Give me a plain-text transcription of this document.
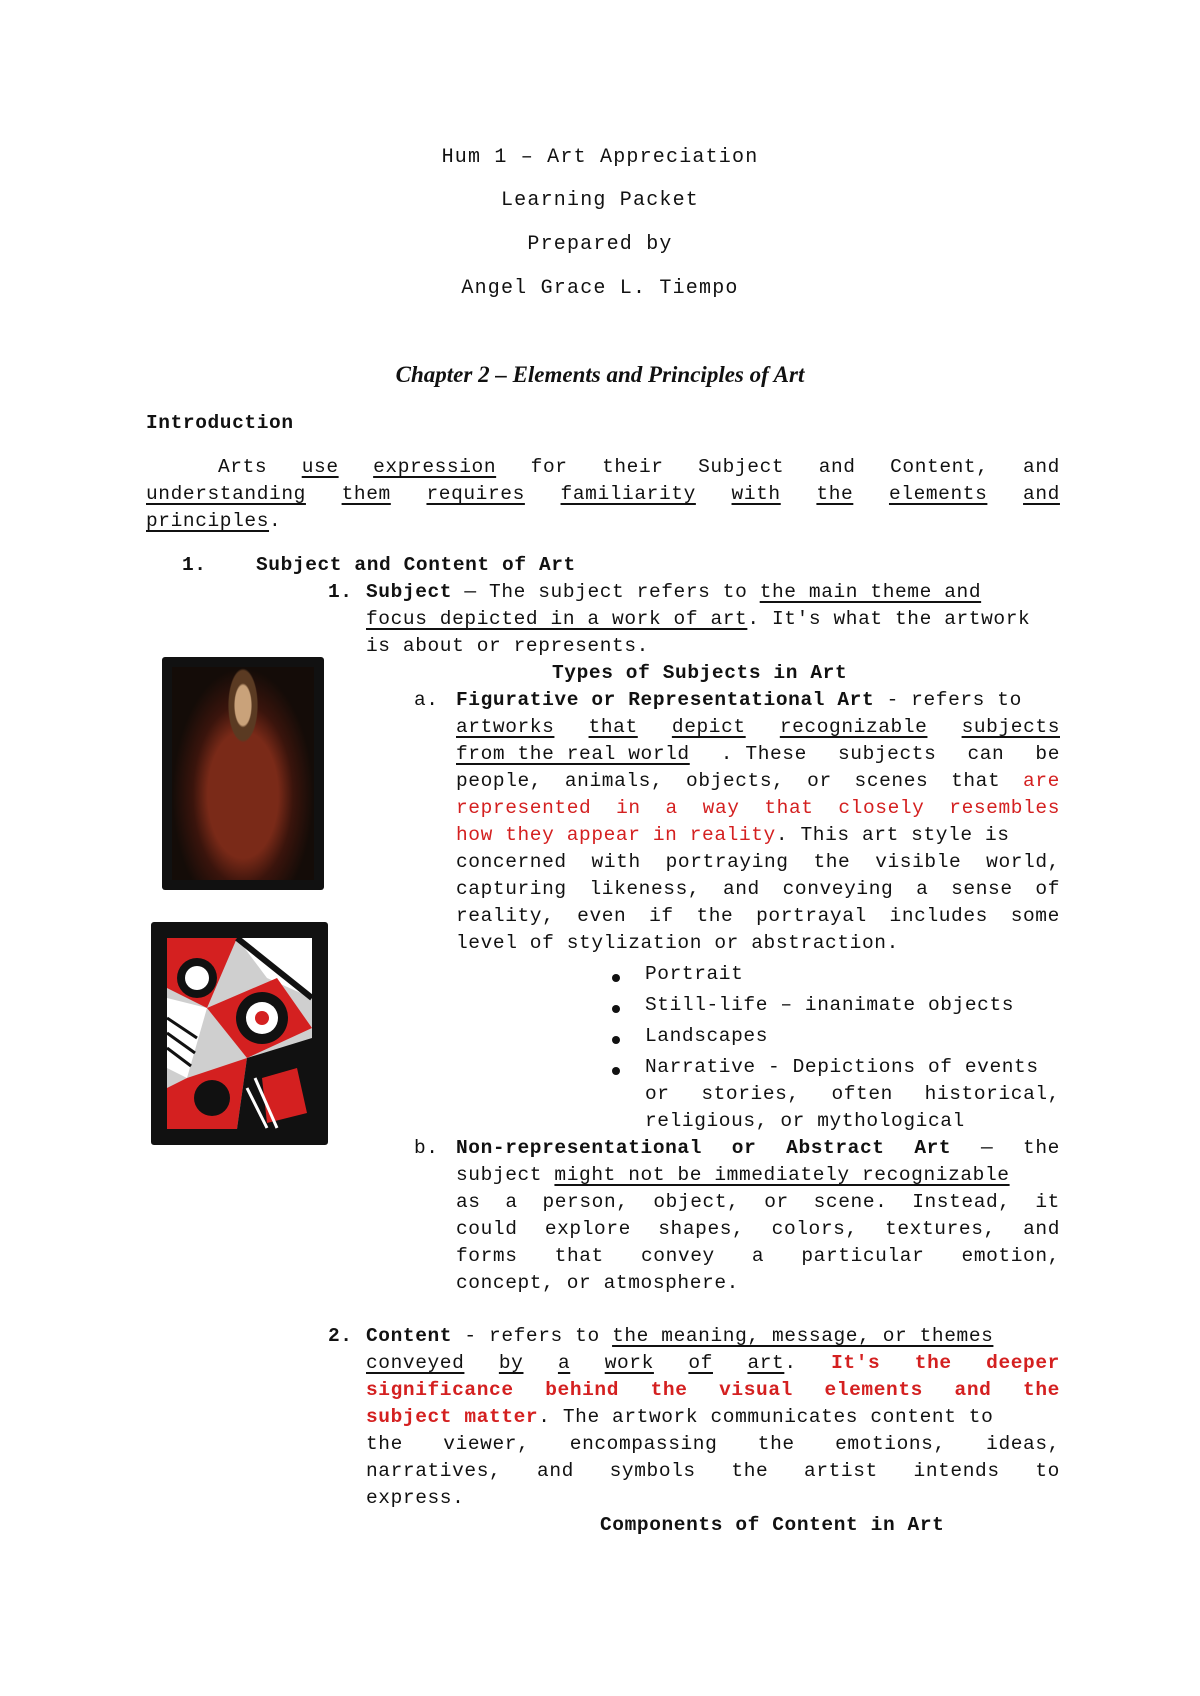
Hum 1 – Art Appreciation
Learning Packet
Prepared by
Angel Grace L. Tiempo
Chapter 2 – Elements and Principles of Art
Introduction
Arts use expression for their Subject and Content, and
understanding them requires familiarity with the elements and
principles.
1.	Subject and Content of Art
1. Subject — The subject refers to the main theme and
focus depicted in a work of art. It's what the artwork
is about or represents.
Types of Subjects in Art
a. Figurative or Representational Art - refers to
artworks that depict recognizable subjects
from the real world . These subjects can be
people, animals, objects, or scenes that are
represented in a way that closely resembles
how they appear in reality. This art style is
concerned with portraying the visible world,
capturing likeness, and conveying a sense of
reality, even if the portrayal includes some
level of stylization or abstraction.
Portrait
Still-life – inanimate objects
Landscapes
Narrative - Depictions of events
or stories, often historical,
religious, or mythological
b. Non-representational or Abstract Art — the
subject might not be immediately recognizable
as a person, object, or scene. Instead, it
could explore shapes, colors, textures, and
forms that convey a particular emotion,
concept, or atmosphere.
2. Content - refers to the meaning, message, or themes
conveyed by a work of art. It's the deeper
significance behind the visual elements and the
subject matter. The artwork communicates content to
the viewer, encompassing the emotions, ideas,
narratives, and symbols the artist intends to
express.
Components of Content in Art
